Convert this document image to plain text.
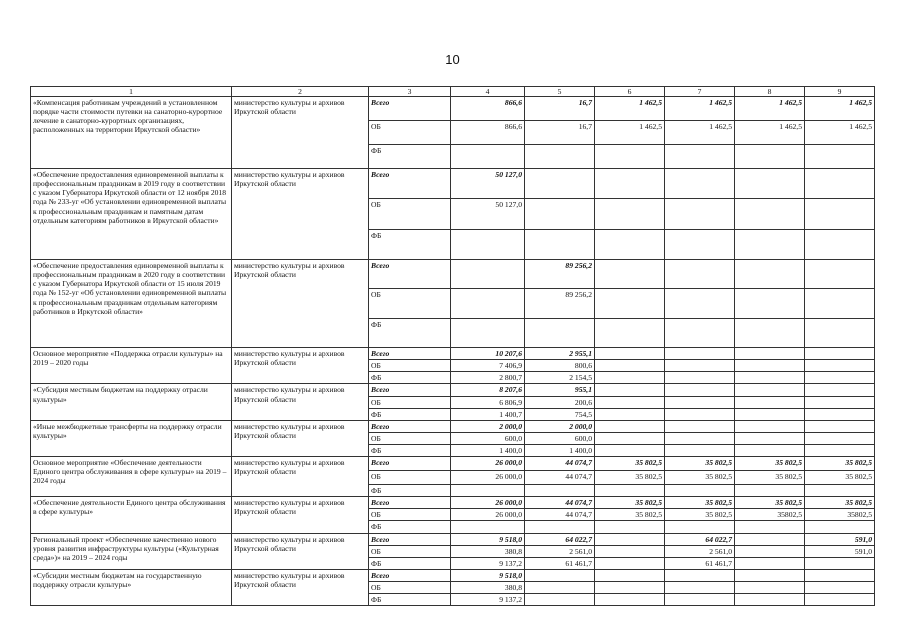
10
1	2	3	4	5	6	7	8	9
«Компенсация работникам учреждений в установленном порядке части стоимости путевки на санаторно-курортное лечение в санаторно-курортных организациях, расположенных на территории Иркутской области»	министерство культуры и архивов Иркутской области	Всего	866,6	16,7	1 462,5	1 462,5	1 462,5	1 462,5
		ОБ	866,6	16,7	1 462,5	1 462,5	1 462,5	1 462,5
		ФБ						
«Обеспечение предоставления единовременной выплаты к профессиональным праздникам в 2019 году в соответствии с указом Губернатора Иркутской области от 12 ноября 2018 года № 233-уг «Об установлении единовременной выплаты к профессиональным праздникам и памятным датам отдельным категориям работников в Иркутской области»	министерство культуры и архивов Иркутской области	Всего	50 127,0					
		ОБ	50 127,0					
		ФБ						
«Обеспечение предоставления единовременной выплаты к профессиональным праздникам в 2020 году в соответствии с указом Губернатора Иркутской области от 15 июля 2019 года № 152-уг «Об установлении единовременной выплаты к профессиональным праздникам отдельным категориям работников в Иркутской области»	министерство культуры и архивов Иркутской области	Всего		89 256,2				
		ОБ		89 256,2				
		ФБ						
Основное мероприятие «Поддержка отрасли культуры» на 2019 – 2020 годы	министерство культуры и архивов Иркутской области	Всего	10 207,6	2 955,1				
		ОБ	7 406,9	800,6				
		ФБ	2 800,7	2 154,5				
«Субсидия местным бюджетам на поддержку отрасли культуры»	министерство культуры и архивов Иркутской области	Всего	8 207,6	955,1				
		ОБ	6 806,9	200,6				
		ФБ	1 400,7	754,5				
«Иные межбюджетные трансферты на поддержку отрасли культуры»	министерство культуры и архивов Иркутской области	Всего	2 000,0	2 000,0				
		ОБ	600,0	600,0				
		ФБ	1 400,0	1 400,0				
Основное мероприятие «Обеспечение деятельности Единого центра обслуживания в сфере культуры» на 2019 – 2024 годы	министерство культуры и архивов Иркутской области	Всего	26 000,0	44 074,7	35 802,5	35 802,5	35 802,5	35 802,5
		ОБ	26 000,0	44 074,7	35 802,5	35 802,5	35 802,5	35 802,5
		ФБ						
«Обеспечение деятельности Единого центра обслуживания в сфере культуры»	министерство культуры и архивов Иркутской области	Всего	26 000,0	44 074,7	35 802,5	35 802,5	35 802,5	35 802,5
		ОБ	26 000,0	44 074,7	35 802,5	35 802,5	35802,5	35802,5
		ФБ						
Региональный проект «Обеспечение качественно нового уровня развития инфраструктуры культуры («Культурная среда»)» на 2019 – 2024 годы	министерство культуры и архивов Иркутской области	Всего	9 518,0	64 022,7		64 022,7		591,0
		ОБ	380,8	2 561,0		2 561,0		591,0
		ФБ	9 137,2	61 461,7		61 461,7		
«Субсидии местным бюджетам на государственную поддержку отрасли культуры»	министерство культуры и архивов Иркутской области	Всего	9 518,0					
		ОБ	380,8					
		ФБ	9 137,2					
